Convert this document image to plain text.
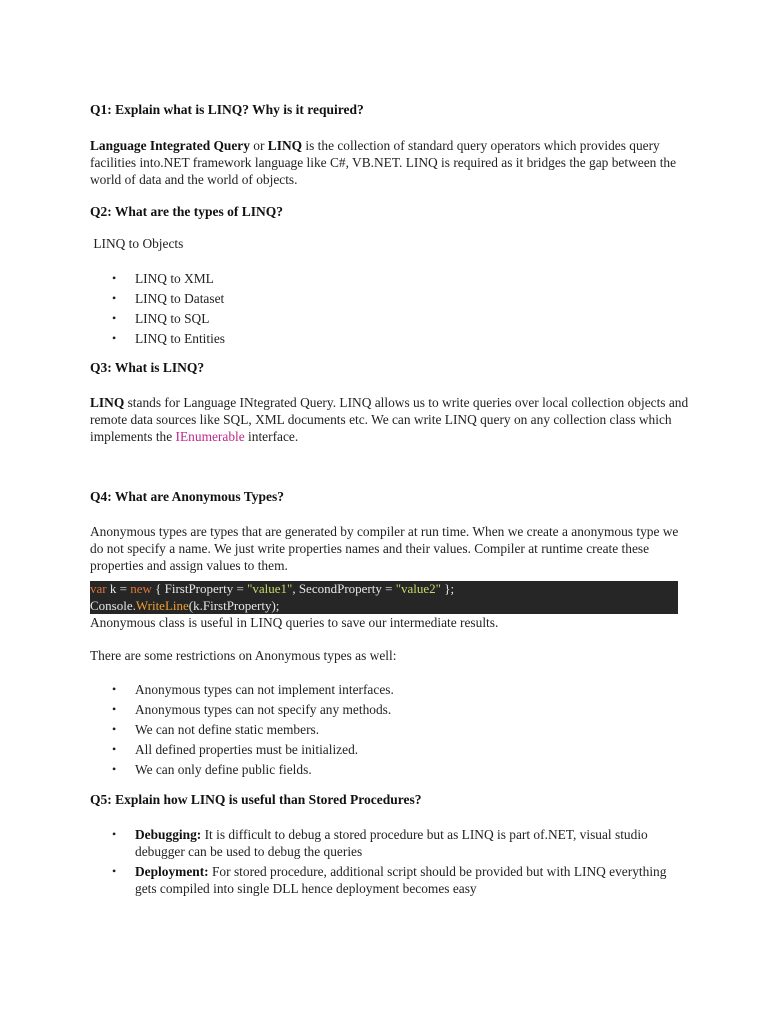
Q1: Explain what is LINQ? Why is it required?

Language Integrated Query or LINQ is the collection of standard query operators which provides query facilities into.NET framework language like C#, VB.NET. LINQ is required as it bridges the gap between the world of data and the world of objects.

Q2: What are the types of LINQ?

LINQ to Objects

• LINQ to XML
• LINQ to Dataset
• LINQ to SQL
• LINQ to Entities
Q3: What is LINQ?

LINQ stands for Language INtegrated Query. LINQ allows us to write queries over local collection objects and remote data sources like SQL, XML documents etc. We can write LINQ query on any collection class which implements the IEnumerable interface.

Q4: What are Anonymous Types?

Anonymous types are types that are generated by compiler at run time. When we create a anonymous type we do not specify a name. We just write properties names and their values. Compiler at runtime create these properties and assign values to them.

var k = new { FirstProperty = "value1", SecondProperty = "value2" };
Console.WriteLine(k.FirstProperty);

Anonymous class is useful in LINQ queries to save our intermediate results.

There are some restrictions on Anonymous types as well:

• Anonymous types can not implement interfaces.
• Anonymous types can not specify any methods.
• We can not define static members.
• All defined properties must be initialized.
• We can only define public fields.
Q5: Explain how LINQ is useful than Stored Procedures?
• Debugging: It is difficult to debug a stored procedure but as LINQ is part of.NET, visual studio debugger can be used to debug the queries
• Deployment: For stored procedure, additional script should be provided but with LINQ everything gets compiled into single DLL hence deployment becomes easy
